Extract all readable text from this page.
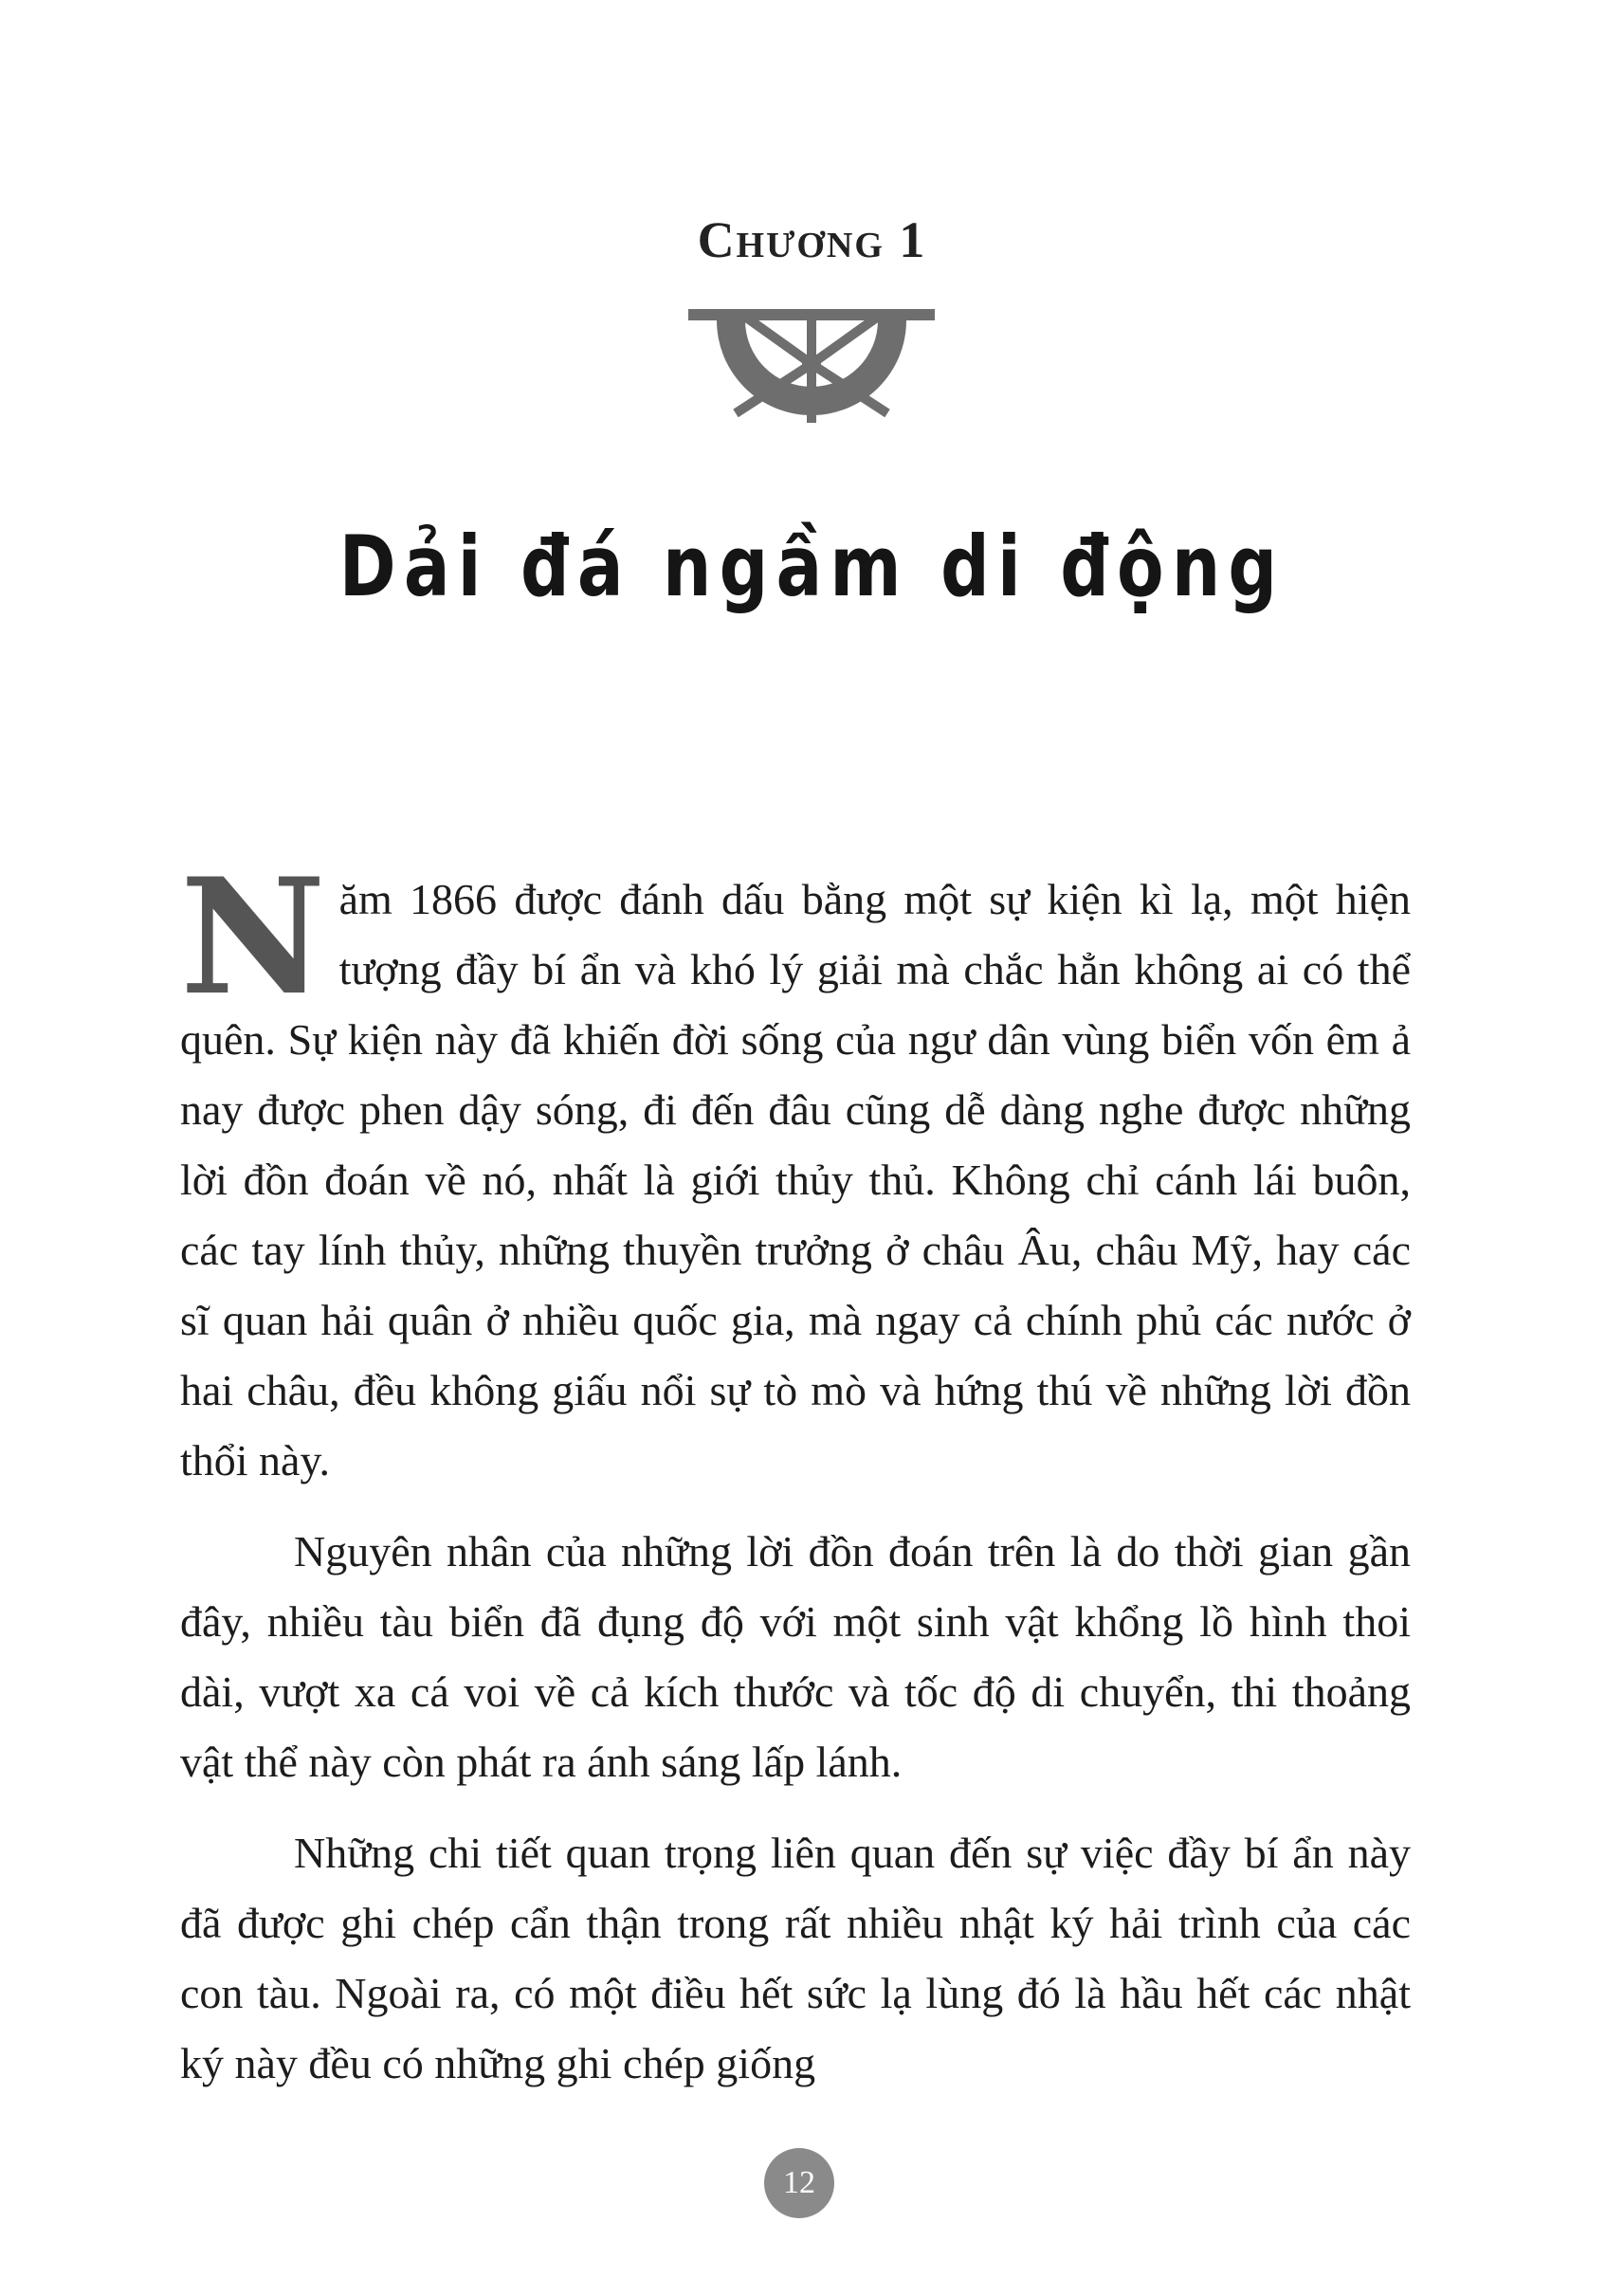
Chương 1
Dải đá ngầm di động

Năm 1866 được đánh dấu bằng một sự kiện kì lạ, một hiện tượng đầy bí ẩn và khó lý giải mà chắc hẳn không ai có thể quên. Sự kiện này đã khiến đời sống của ngư dân vùng biển vốn êm ả nay được phen dậy sóng, đi đến đâu cũng dễ dàng nghe được những lời đồn đoán về nó, nhất là giới thủy thủ. Không chỉ cánh lái buôn, các tay lính thủy, những thuyền trưởng ở châu Âu, châu Mỹ, hay các sĩ quan hải quân ở nhiều quốc gia, mà ngay cả chính phủ các nước ở hai châu, đều không giấu nổi sự tò mò và hứng thú về những lời đồn thổi này.

Nguyên nhân của những lời đồn đoán trên là do thời gian gần đây, nhiều tàu biển đã đụng độ với một sinh vật khổng lồ hình thoi dài, vượt xa cá voi về cả kích thước và tốc độ di chuyển, thi thoảng vật thể này còn phát ra ánh sáng lấp lánh.

Những chi tiết quan trọng liên quan đến sự việc đầy bí ẩn này đã được ghi chép cẩn thận trong rất nhiều nhật ký hải trình của các con tàu. Ngoài ra, có một điều hết sức lạ lùng đó là hầu hết các nhật ký này đều có những ghi chép giống

12
